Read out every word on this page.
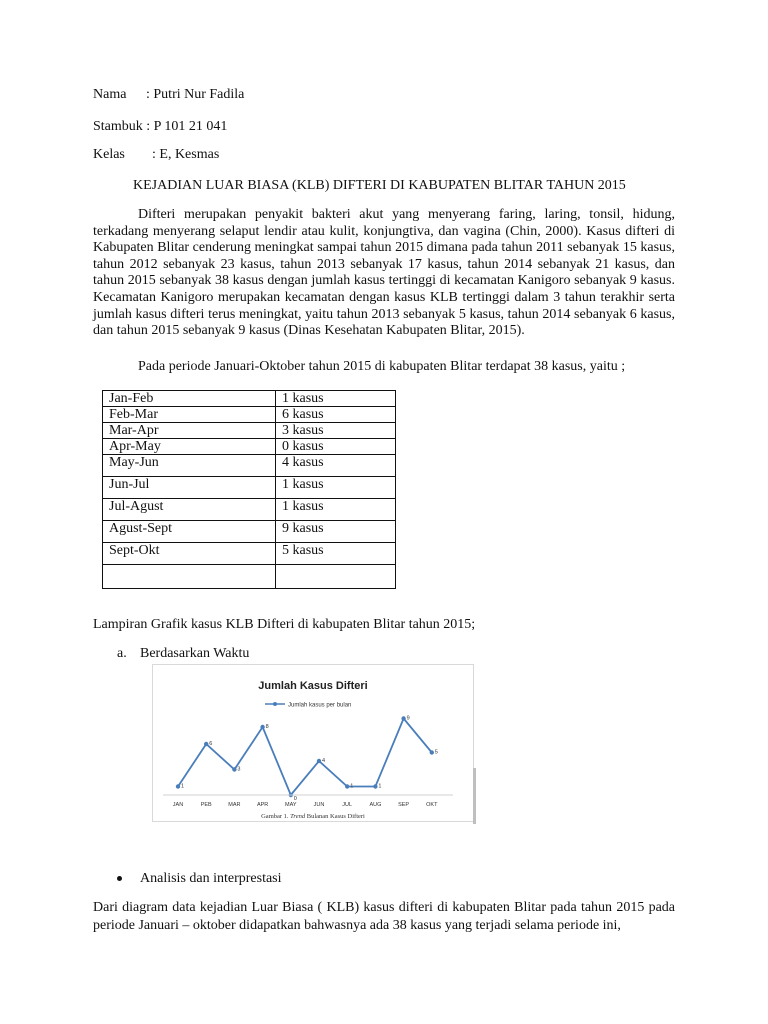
Nama : Putri Nur Fadila
Stambuk : P 101 21 041
Kelas : E, Kesmas
KEJADIAN LUAR BIASA (KLB) DIFTERI DI KABUPATEN BLITAR TAHUN 2015
Difteri merupakan penyakit bakteri akut yang menyerang faring, laring, tonsil, hidung, terkadang menyerang selaput lendir atau kulit, konjungtiva, dan vagina (Chin, 2000). Kasus difteri di Kabupaten Blitar cenderung meningkat sampai tahun 2015 dimana pada tahun 2011 sebanyak 15 kasus, tahun 2012 sebanyak 23 kasus, tahun 2013 sebanyak 17 kasus, tahun 2014 sebanyak 21 kasus, dan tahun 2015 sebanyak 38 kasus dengan jumlah kasus tertinggi di kecamatan Kanigoro sebanyak 9 kasus. Kecamatan Kanigoro merupakan kecamatan dengan kasus KLB tertinggi dalam 3 tahun terakhir serta jumlah kasus difteri terus meningkat, yaitu tahun 2013 sebanyak 5 kasus, tahun 2014 sebanyak 6 kasus, dan tahun 2015 sebanyak 9 kasus (Dinas Kesehatan Kabupaten Blitar, 2015).
Pada periode Januari-Oktober tahun 2015 di kabupaten Blitar terdapat 38 kasus, yaitu ;
Jan-Feb	1 kasus
Feb-Mar	6 kasus
Mar-Apr	3 kasus
Apr-May	0 kasus
May-Jun	4 kasus
Jun-Jul	1 kasus
Jul-Agust	1 kasus
Agust-Sept	9 kasus
Sept-Okt	5 kasus

Lampiran Grafik kasus KLB Difteri di kabupaten Blitar tahun 2015;
a. Berdasarkan Waktu
Jumlah Kasus Difteri
Jumlah kasus per bulan
1
6
3
8
0
4
1	1
9
5
JAN	PEB	MAR	APR	MAY	JUN	JUL	AUG	SEP	OKT
Gambar 1. Trend Bulanan Kasus Difteri
Analisis dan interprestasi
Dari diagram data kejadian Luar Biasa ( KLB) kasus difteri di kabupaten Blitar pada tahun 2015 pada periode Januari – oktober didapatkan bahwasnya ada 38 kasus yang terjadi selama periode ini,
